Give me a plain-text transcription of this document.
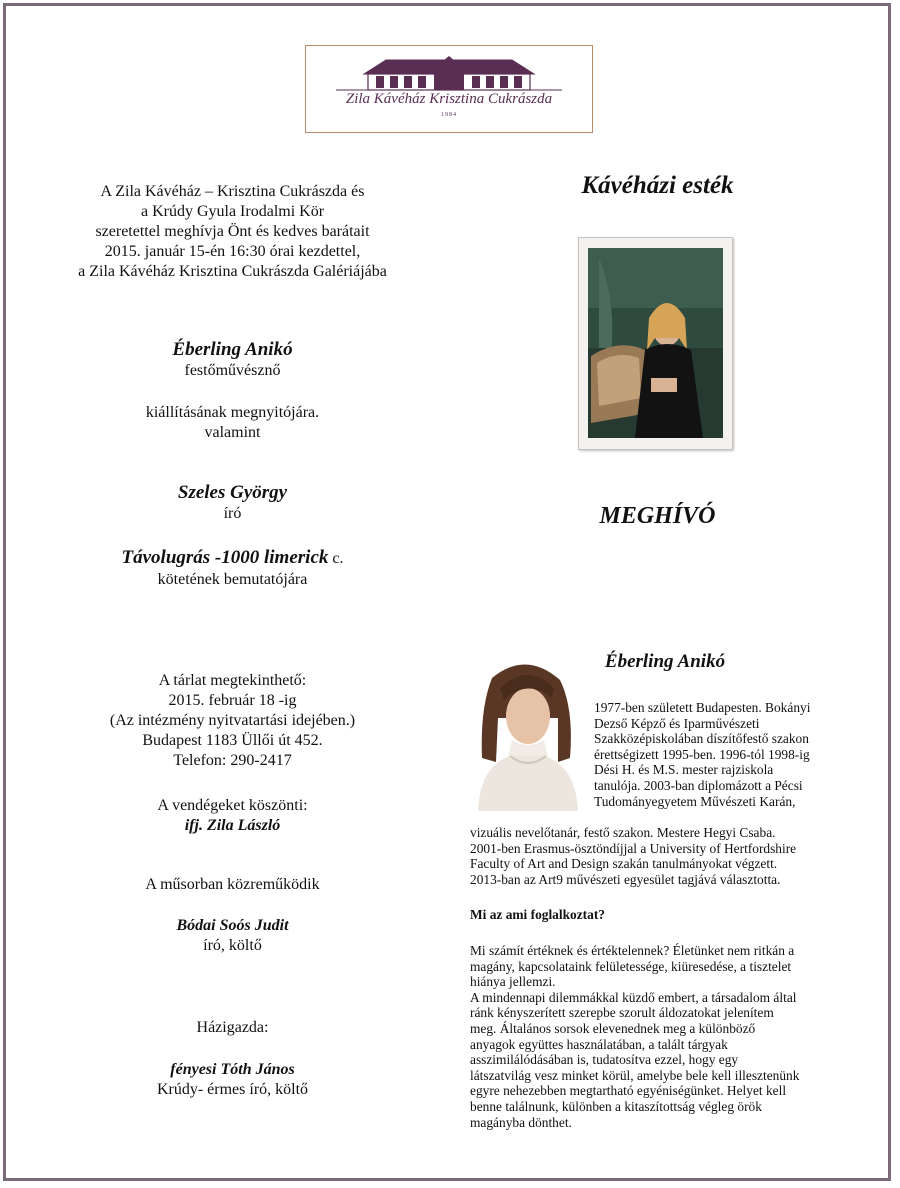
Zila Kávéház Krisztina Cukrászda
1984
A Zila Kávéház – Krisztina Cukrászda és
a Krúdy Gyula Irodalmi Kör
szeretettel meghívja Önt és kedves barátait
2015. január 15-én 16:30 órai kezdettel,
a Zila Kávéház Krisztina Cukrászda Galériájába
Éberling Anikó
festőművésznő
kiállításának megnyitójára.
valamint
Szeles György
író
Távolugrás -1000 limerick c.
kötetének bemutatójára
A tárlat megtekinthető:
2015. február 18 -ig
(Az intézmény nyitvatartási idejében.)
Budapest 1183 Üllői út 452.
Telefon: 290-2417
A vendégeket köszönti:
ifj. Zila László
A műsorban közreműködik
Bódai Soós Judit
író, költő
Házigazda:
fényesi Tóth János
Krúdy- érmes író, költő
Kávéházi esték
MEGHÍVÓ
Éberling Anikó

1977-ben született Budapesten. Bokányi

Dezső Képző és Iparművészeti

Szakközépiskolában díszítőfestő szakon

érettségizett 1995-ben. 1996-tól 1998-ig

Dési H. és M.S. mester rajziskola

tanulója. 2003-ban diplomázott a Pécsi

Tudományegyetem Művészeti Karán,

vizuális nevelőtanár, festő szakon. Mestere Hegyi Csaba.

2001-ben Erasmus-ösztöndíjjal a University of Hertfordshire

Faculty of Art and Design szakán tanulmányokat végzett.

2013-ban az Art9 művészeti egyesület tagjává választotta.

Mi az ami foglalkoztat?

Mi számít értéknek és értéktelennek? Életünket nem ritkán a

magány, kapcsolataink felületessége, kiüresedése, a tisztelet

hiánya jellemzi.

A mindennapi dilemmákkal küzdő embert, a társadalom által

ránk kényszerített szerepbe szorult áldozatokat jelenítem

meg. Általános sorsok elevenednek meg a különböző

anyagok együttes használatában, a talált tárgyak

asszimilálódásában is, tudatosítva ezzel, hogy egy

látszatvilág vesz minket körül, amelybe bele kell illesztenünk

egyre nehezebben megtartható egyéniségünket. Helyet kell

benne találnunk, különben a kitaszítottság végleg örök

magányba dönthet.
